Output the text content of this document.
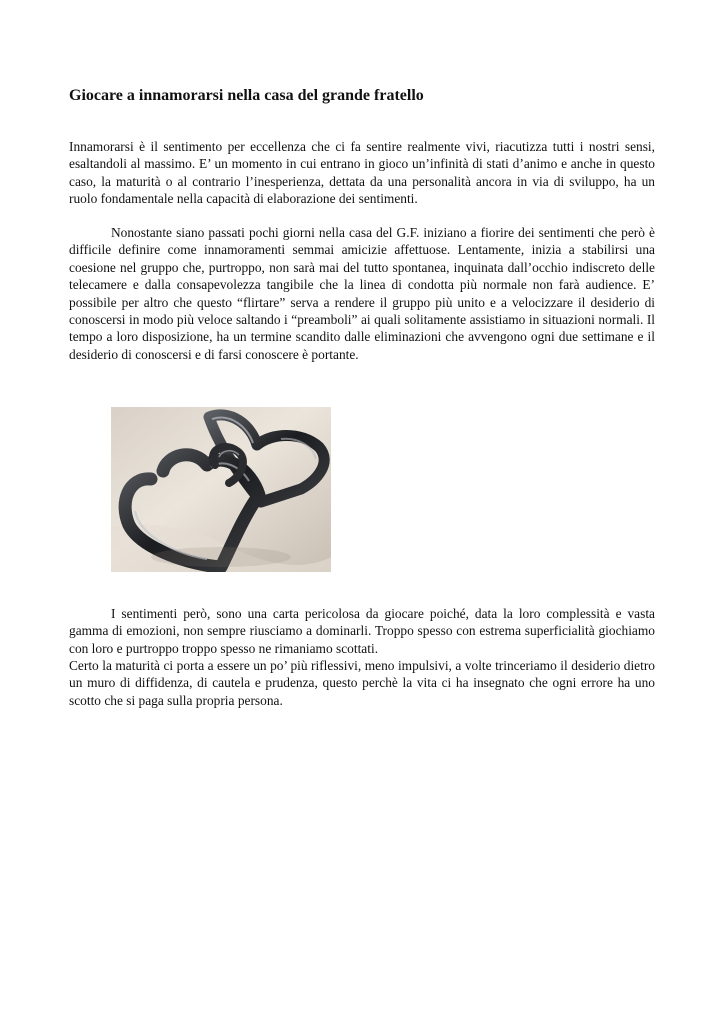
Giocare a innamorarsi nella casa del grande fratello

Innamorarsi è il sentimento per eccellenza che ci fa sentire realmente vivi, riacutizza tutti i nostri sensi, esaltandoli al massimo. E’ un momento in cui entrano in gioco un’infinità di stati d’animo e anche in questo caso, la maturità o al contrario l’inesperienza, dettata da una personalità ancora in via di sviluppo, ha un ruolo fondamentale nella capacità di elaborazione dei sentimenti.

Nonostante siano passati pochi giorni nella casa del G.F. iniziano a fiorire dei sentimenti che però è difficile definire come innamoramenti semmai amicizie affettuose. Lentamente, inizia a stabilirsi una coesione nel gruppo che, purtroppo, non sarà mai del tutto spontanea, inquinata dall’occhio indiscreto delle telecamere e dalla consapevolezza tangibile che la linea di condotta più normale non farà audience. E’ possibile per altro che questo “flirtare” serva a rendere il gruppo più unito e a velocizzare il desiderio di conoscersi in modo più veloce saltando i “preamboli” ai quali solitamente assistiamo in situazioni normali. Il tempo a loro disposizione, ha un termine scandito dalle eliminazioni che avvengono ogni due settimane e il desiderio di conoscersi e di farsi conoscere è portante.

I sentimenti però, sono una carta pericolosa da giocare poiché, data la loro complessità e vasta gamma di emozioni, non sempre riusciamo a dominarli. Troppo spesso con estrema superficialità giochiamo con loro e purtroppo troppo spesso ne rimaniamo scottati.

Certo la maturità ci porta a essere un po’ più riflessivi, meno impulsivi, a volte trinceriamo il desiderio dietro un muro di diffidenza, di cautela e prudenza, questo perchè la vita ci ha insegnato che ogni errore ha uno scotto che si paga sulla propria persona.
